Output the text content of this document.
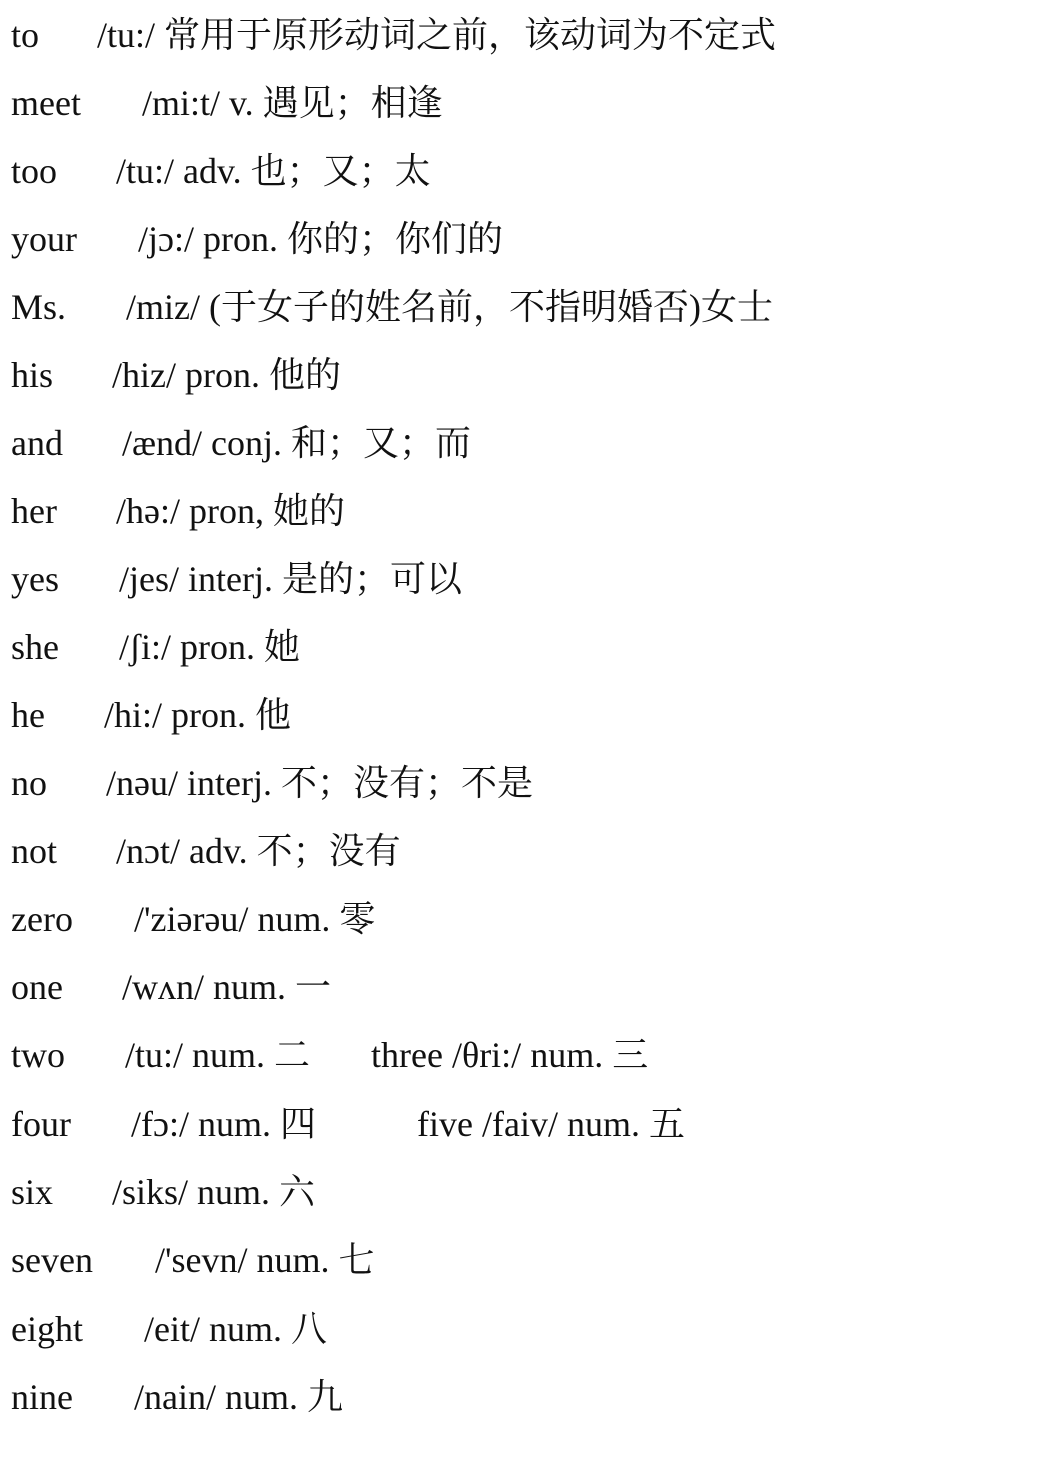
to /tu:/ 常用于原形动词之前，该动词为不定式
meet /mi:t/ v. 遇见；相逢
too /tu:/ adv. 也；又；太
your /jɔ:/ pron. 你的；你们的
Ms. /miz/ (于女子的姓名前，不指明婚否)女士
his /hiz/ pron. 他的
and /ænd/ conj. 和；又；而
her /hə:/ pron, 她的
yes /jes/ interj. 是的；可以
she /ʃi:/ pron. 她
he /hi:/ pron. 他
no /nəu/ interj. 不；没有；不是
not /nɔt/ adv. 不；没有
zero /'ziərəu/ num. 零
one /wʌn/ num. 一
two /tu:/ num. 二 three /θri:/ num. 三
four /fɔ:/ num. 四	five /faiv/ num. 五
six /siks/ num. 六
seven /'sevn/ num. 七
eight /eit/ num. 八
nine /nain/ num. 九
